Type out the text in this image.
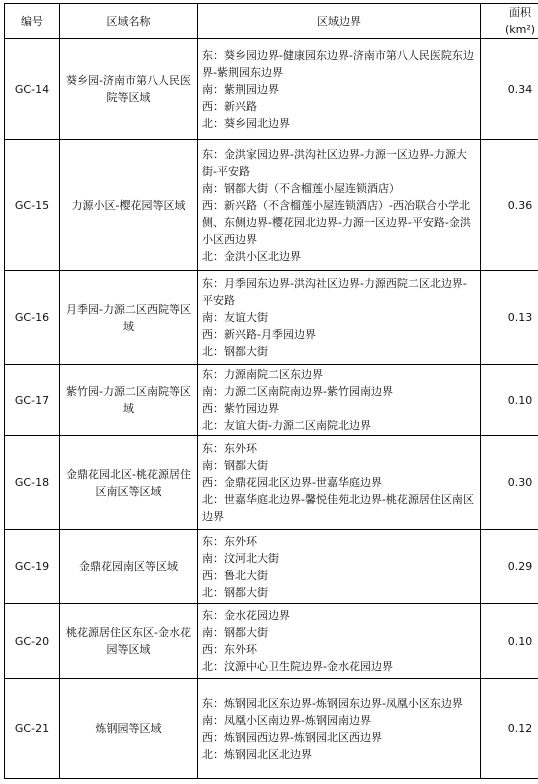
编号	区域名称	区域边界	面积
(km²)

GC-14	葵乡园-济南市第八人民医院等区域	东：葵乡园边界-健康园东边界-济南市第八人民医院东边界-紫荆园东边界
南：紫荆园边界
西：新兴路
北：葵乡园北边界	0.34
GC-15	力源小区-樱花园等区域	东：金洪家园边界-洪沟社区边界-力源一区边界-力源大街-平安路
南：钢都大街（不含榴莲小屋连锁酒店）
西：新兴路（不含榴莲小屋连锁酒店）-西冶联合小学北侧、东侧边界-樱花园北边界-力源一区边界-平安路-金洪小区西边界
北：金洪小区北边界	0.36
GC-16	月季园-力源二区西院等区域	东：月季园东边界-洪沟社区边界-力源西院二区北边界-平安路
南：友谊大街
西：新兴路-月季园边界
北：钢都大街	0.13
GC-17	紫竹园-力源二区南院等区域	东：力源南院二区东边界
南：力源二区南院南边界-紫竹园南边界
西：紫竹园边界
北：友谊大街-力源二区南院北边界	0.10
GC-18	金鼎花园北区-桃花源居住区南区等区域	东：东外环
南：钢都大街
西：金鼎花园北区边界-世嘉华庭边界
北：世嘉华庭北边界-馨悦佳苑北边界-桃花源居住区南区边界	0.30
GC-19	金鼎花园南区等区域	东：东外环
南：汶河北大街
西：鲁北大街
北：钢都大街	0.29
GC-20	桃花源居住区东区-金水花园等区域	东：金水花园边界
南：钢都大街
西：东外环
北：汶源中心卫生院边界-金水花园边界	0.10
GC-21	炼钢园等区域	东：炼钢园北区东边界-炼钢园东边界-凤凰小区东边界
南：凤凰小区南边界-炼钢园南边界
西：炼钢园西边界-炼钢园北区西边界
北：炼钢园北区北边界	0.12
